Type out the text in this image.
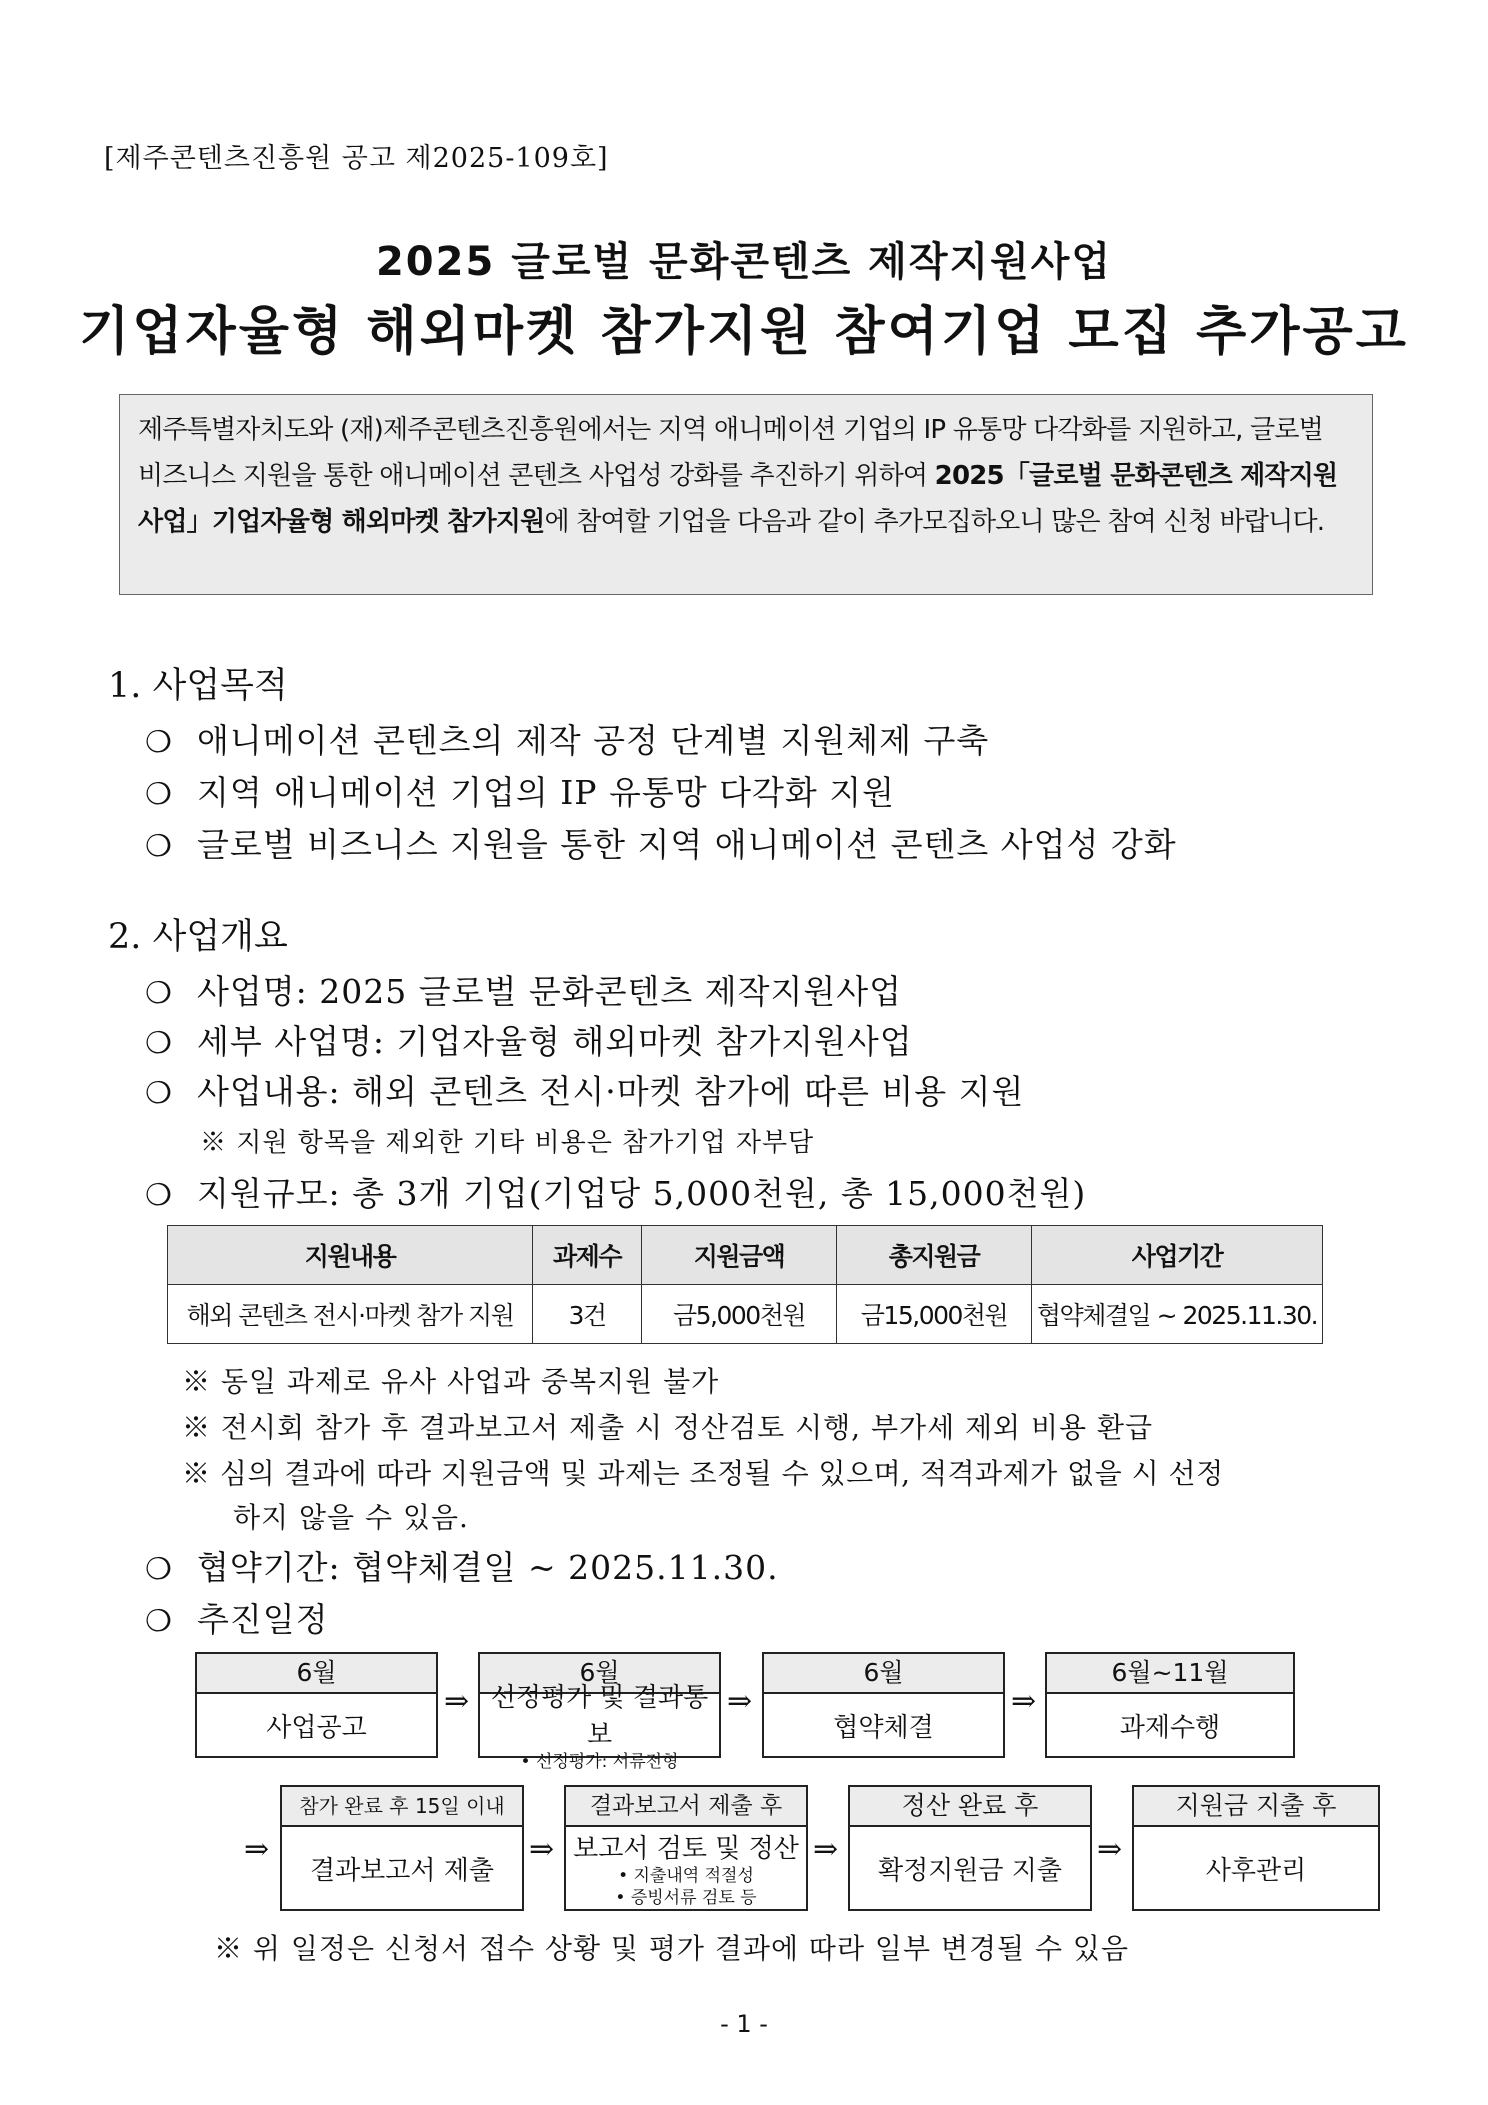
[제주콘텐츠진흥원 공고 제2025-109호]
2025 글로벌 문화콘텐츠 제작지원사업
기업자율형 해외마켓 참가지원 참여기업 모집 추가공고
제주특별자치도와 (재)제주콘텐츠진흥원에서는 지역 애니메이션 기업의 IP 유통망 다각화를 지원하고, 글로벌 비즈니스 지원을 통한 애니메이션 콘텐츠 사업성 강화를 추진하기 위하여 2025「글로벌 문화콘텐츠 제작지원사업」기업자율형 해외마켓 참가지원에 참여할 기업을 다음과 같이 추가모집하오니 많은 참여 신청 바랍니다.
1. 사업목적
❍ 애니메이션 콘텐츠의 제작 공정 단계별 지원체제 구축
❍ 지역 애니메이션 기업의 IP 유통망 다각화 지원
❍ 글로벌 비즈니스 지원을 통한 지역 애니메이션 콘텐츠 사업성 강화
2. 사업개요
❍ 사업명: 2025 글로벌 문화콘텐츠 제작지원사업
❍ 세부 사업명: 기업자율형 해외마켓 참가지원사업
❍ 사업내용: 해외 콘텐츠 전시·마켓 참가에 따른 비용 지원
※ 지원 항목을 제외한 기타 비용은 참가기업 자부담
❍ 지원규모: 총 3개 기업(기업당 5,000천원, 총 15,000천원)
지원내용	과제수	지원금액	총지원금	사업기간
해외 콘텐츠 전시·마켓 참가 지원	3건	금5,000천원	금15,000천원	협약체결일 ~ 2025.11.30.
※ 동일 과제로 유사 사업과 중복지원 불가
※ 전시회 참가 후 결과보고서 제출 시 정산검토 시행, 부가세 제외 비용 환급
※ 심의 결과에 따라 지원금액 및 과제는 조정될 수 있으며, 적격과제가 없을 시 선정
하지 않을 수 있음.
❍ 협약기간: 협약체결일 ~ 2025.11.30.
❍ 추진일정
6월
사업공고
⇒
6월
선정평가 및 결과통보
• 선정평가: 서류전형
⇒
6월
협약체결
⇒
6월~11월
과제수행
⇒
참가 완료 후 15일 이내
결과보고서 제출
⇒
결과보고서 제출 후
보고서 검토 및 정산
• 지출내역 적절성
• 증빙서류 검토 등
⇒
정산 완료 후
확정지원금 지출
⇒
지원금 지출 후
사후관리
※ 위 일정은 신청서 접수 상황 및 평가 결과에 따라 일부 변경될 수 있음
- 1 -
